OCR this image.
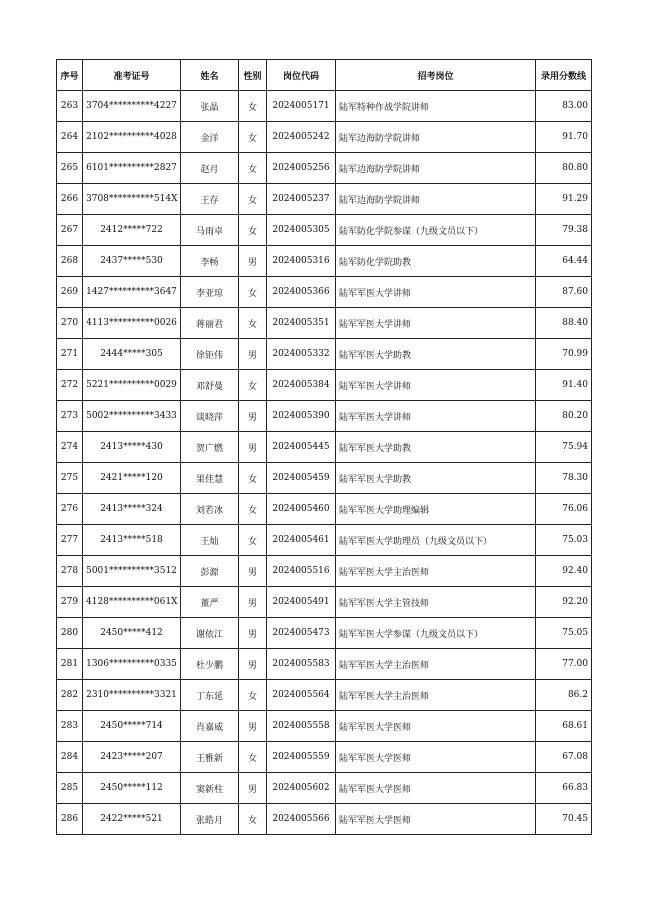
序号	准考证号	姓名	性别	岗位代码	招考岗位	录用分数线
263	3704**********4227	张晶	女	2024005171	陆军特种作战学院讲师	83.00
264	2102**********4028	金洋	女	2024005242	陆军边海防学院讲师	91.70
265	6101**********2827	赵月	女	2024005256	陆军边海防学院讲师	80.80
266	3708**********514X	王存	女	2024005237	陆军边海防学院讲师	91.29
267	2412*****722	马雨卓	女	2024005305	陆军防化学院参谋（九级文员以下）	79.38
268	2437*****530	李畅	男	2024005316	陆军防化学院助教	64.44
269	1427**********3647	李亚琼	女	2024005366	陆军军医大学讲师	87.60
270	4113**********0026	蒋丽君	女	2024005351	陆军军医大学讲师	88.40
271	2444*****305	徐钜伟	男	2024005332	陆军军医大学助教	70.99
272	5221**********0029	邓舒曼	女	2024005384	陆军军医大学讲师	91.40
273	5002**********3433	谈晓萍	男	2024005390	陆军军医大学讲师	80.20
274	2413*****430	贺广燃	男	2024005445	陆军军医大学助教	75.94
275	2421*****120	果佳慧	女	2024005459	陆军军医大学助教	78.30
276	2413*****324	刘若冰	女	2024005460	陆军军医大学助理编辑	76.06
277	2413*****518	王灿	女	2024005461	陆军军医大学助理员（九级文员以下）	75.03
278	5001**********3512	彭源	男	2024005516	陆军军医大学主治医师	92.40
279	4128**********061X	董严	男	2024005491	陆军军医大学主管技师	92.20
280	2450*****412	谢依江	男	2024005473	陆军军医大学参谋（九级文员以下）	75.05
281	1306**********0335	杜少鹏	男	2024005583	陆军军医大学主治医师	77.00
282	2310**********3321	丁东延	女	2024005564	陆军军医大学主治医师	86.2
283	2450*****714	肖嘉威	男	2024005558	陆军军医大学医师	68.61
284	2423*****207	王雅新	女	2024005559	陆军军医大学医师	67.08
285	2450*****112	窦新柱	男	2024005602	陆军军医大学医师	66.83
286	2422*****521	张皓月	女	2024005566	陆军军医大学医师	70.45
